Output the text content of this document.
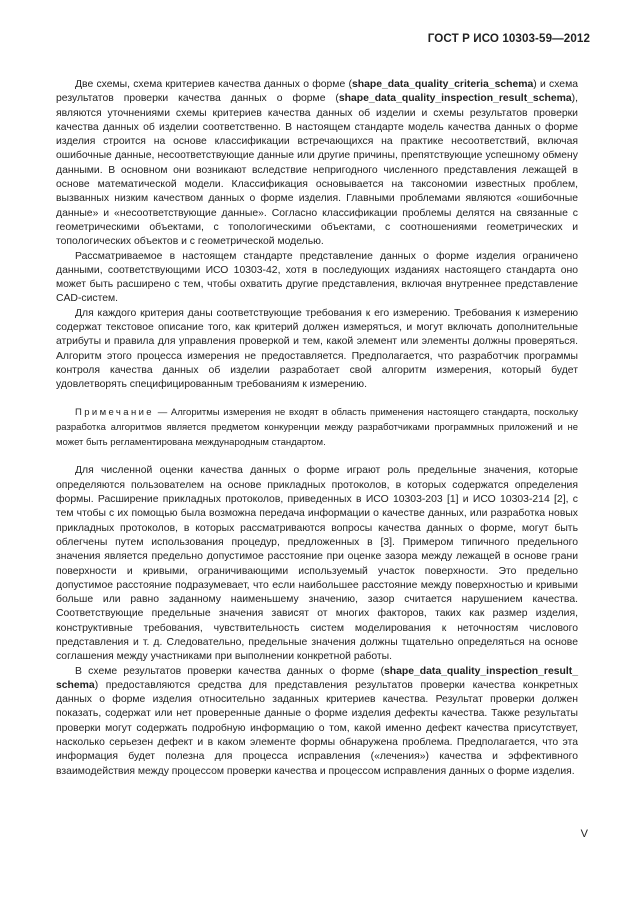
ГОСТ Р ИСО 10303-59—2012

Две схемы, схема критериев качества данных о форме (shape_data_quality_criteria_schema) и схема результатов проверки качества данных о форме (shape_data_quality_inspection_result_schema), являются уточнениями схемы критериев качества данных об изделии и схемы результатов проверки качества данных об изделии соответственно. В настоящем стандарте модель качества данных о форме изделия строится на основе классификации встречающихся на практике несоответствий, включая ошибочные данные, несоответствующие данные или другие причины, препятствующие успешному обмену данными. В основном они возникают вследствие непригодного численного представления лежащей в основе математической модели. Классификация основывается на таксономии известных проблем, вызванных низким качеством данных о форме изделия. Главными проблемами являются «ошибочные данные» и «несоответствующие данные». Согласно классификации проблемы делятся на связанные с геометрическими объектами, с топологическими объектами, с соотношениями геометрических и топологических объектов и с геометрической моделью.

Рассматриваемое в настоящем стандарте представление данных о форме изделия ограничено данными, соответствующими ИСО 10303-42, хотя в последующих изданиях настоящего стандарта оно может быть расширено с тем, чтобы охватить другие представления, включая внутреннее представление CAD-систем.

Для каждого критерия даны соответствующие требования к его измерению. Требования к измерению содержат текстовое описание того, как критерий должен измеряться, и могут включать дополнительные атрибуты и правила для управления проверкой и тем, какой элемент или элементы должны проверяться. Алгоритм этого процесса измерения не предоставляется. Предполагается, что разработчик программы контроля качества данных об изделии разработает свой алгоритм измерения, который будет удовлетворять специфицированным требованиям к измерению.

Примечание — Алгоритмы измерения не входят в область применения настоящего стандарта, поскольку разработка алгоритмов является предметом конкуренции между разработчиками программных приложений и не может быть регламентирована международным стандартом.

Для численной оценки качества данных о форме играют роль предельные значения, которые определяются пользователем на основе прикладных протоколов, в которых содержатся определения формы. Расширение прикладных протоколов, приведенных в ИСО 10303-203 [1] и ИСО 10303-214 [2], с тем чтобы с их помощью была возможна передача информации о качестве данных, или разработка новых прикладных протоколов, в которых рассматриваются вопросы качества данных о форме, могут быть облегчены путем использования процедур, предложенных в [3]. Примером типичного предельного значения является предельно допустимое расстояние при оценке зазора между лежащей в основе грани поверхности и кривыми, ограничивающими используемый участок поверхности. Это предельно допустимое расстояние подразумевает, что если наибольшее расстояние между поверхностью и кривыми больше или равно заданному наименьшему значению, зазор считается нарушением качества. Соответствующие предельные значения зависят от многих факторов, таких как размер изделия, конструктивные требования, чувствительность систем моделирования к неточностям числового представления и т. д. Следовательно, предельные значения должны тщательно определяться на основе соглашения между участниками при выполнении конкретной работы.

В схеме результатов проверки качества данных о форме (shape_data_quality_inspection_result_ schema) предоставляются средства для представления результатов проверки качества конкретных данных о форме изделия относительно заданных критериев качества. Результат проверки должен показать, содержат или нет проверенные данные о форме изделия дефекты качества. Также результаты проверки могут содержать подробную информацию о том, какой именно дефект качества присутствует, насколько серьезен дефект и в каком элементе формы обнаружена проблема. Предполагается, что эта информация будет полезна для процесса исправления («лечения») качества и эффективного взаимодействия между процессом проверки качества и процессом исправления данных о форме изделия.

V
